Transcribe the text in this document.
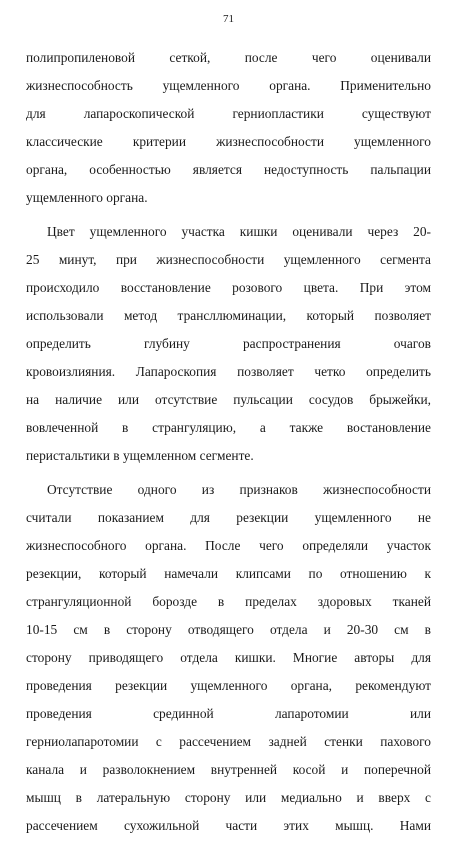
71
полипропиленовой сеткой, после чего оценивали
жизнеспособность ущемленного органа. Применительно
для лапароскопической герниопластики существуют
классические критерии жизнеспособности ущемленного
органа, особенностью является недоступность пальпации
ущемленного органа.
Цвет ущемленного участка кишки оценивали через 20-
25 минут, при жизнеспособности ущемленного сегмента
происходило восстановление розового цвета. При этом
использовали метод трансллюминации, который позволяет
определить глубину распространения очагов
кровоизлияния. Лапароскопия позволяет четко определить
на наличие или отсутствие пульсации сосудов брыжейки,
вовлеченной в странгуляцию, а также востановление
перистальтики в ущемленном сегменте.
Отсутствие одного из признаков жизнеспособности
считали показанием для резекции ущемленного не
жизнеспособного органа. После чего определяли участок
резекции, который намечали клипсами по отношению к
странгуляционной борозде в пределах здоровых тканей
10-15 см в сторону отводящего отдела и 20-30 см в
сторону приводящего отдела кишки. Многие авторы для
проведения резекции ущемленного органа, рекомендуют
проведения срединной лапаротомии или
герниолапаротомии с рассечением задней стенки пахового
канала и разволокнением внутренней косой и поперечной
мышц в латеральную сторону или медиально и вверх с
рассечением сухожильной части этих мышц. Нами
